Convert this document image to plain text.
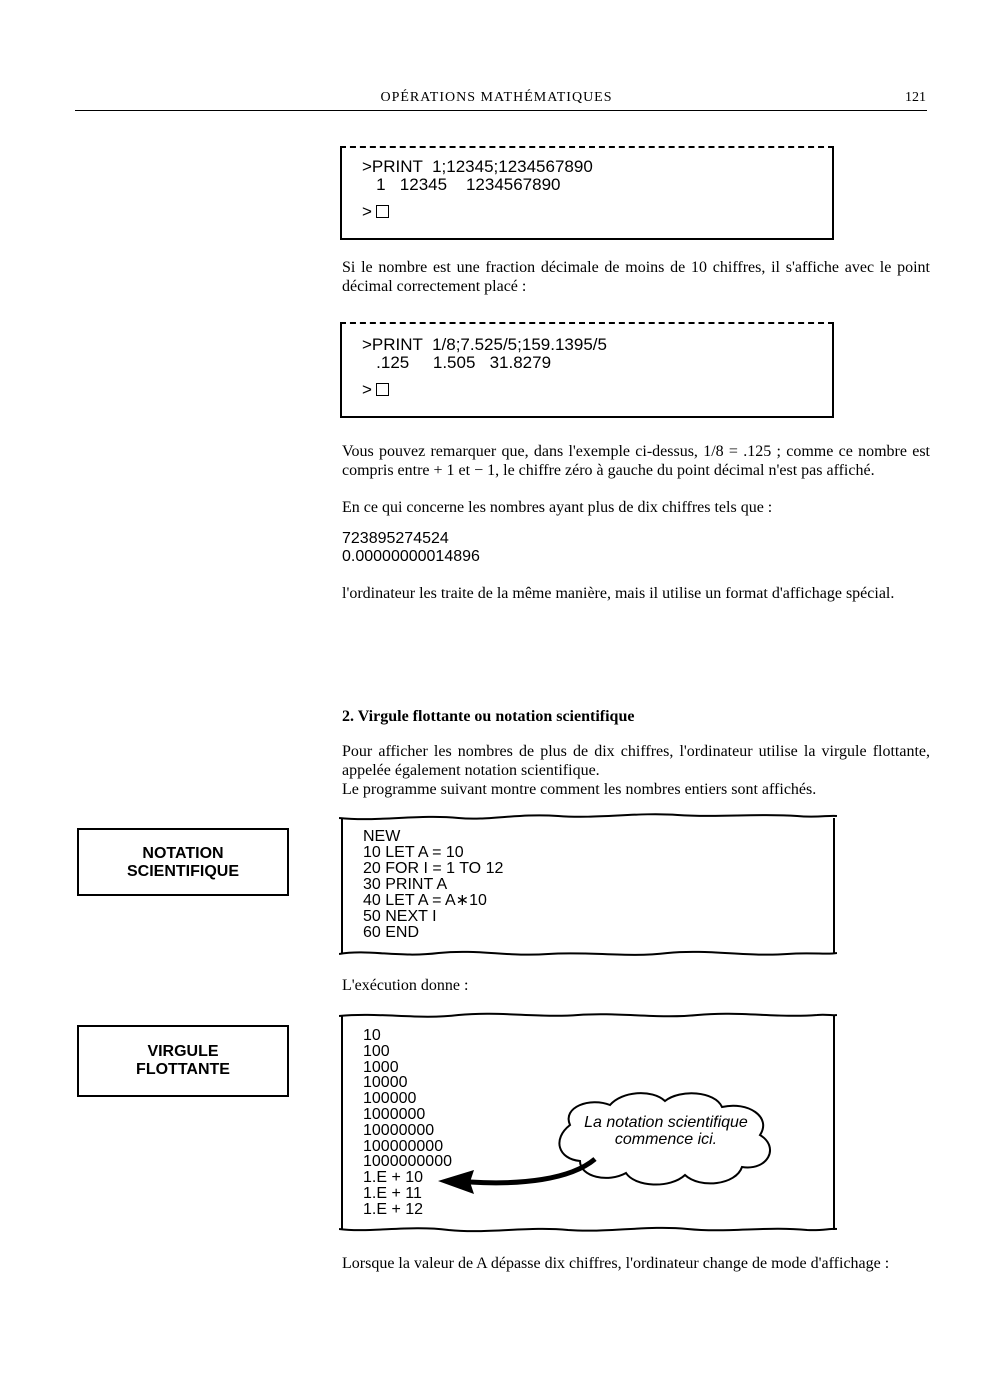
OPÉRATIONS MATHÉMATIQUES	121
>PRINT  1;12345;1234567890
1   12345    1234567890
>
Si le nombre est une fraction décimale de moins de 10 chiffres, il s'affiche avec le point décimal correctement placé :
>PRINT  1/8;7.525/5;159.1395/5
.125     1.505   31.8279
>
Vous pouvez remarquer que, dans l'exemple ci-dessus, 1/8 = .125 ; comme ce nombre est compris entre + 1 et − 1, le chiffre zéro à gauche du point décimal n'est pas affiché.
En ce qui concerne les nombres ayant plus de dix chiffres tels que :
723895274524
0.00000000014896
l'ordinateur les traite de la même manière, mais il utilise un format d'affichage spécial.
2. Virgule flottante ou notation scientifique
Pour afficher les nombres de plus de dix chiffres, l'ordinateur utilise la virgule flottante, appelée également notation scientifique.
Le programme suivant montre comment les nombres entiers sont affichés.
NOTATION
SCIENTIFIQUE
NEW
10 LET A = 10
20 FOR I = 1 TO 12
30 PRINT A
40 LET A = A∗10
50 NEXT I
60 END
L'exécution donne :
VIRGULE
FLOTTANTE
10
100
1000
10000
100000
1000000
10000000
100000000
1000000000
1.E + 10
1.E + 11
1.E + 12
La notation scientifique
commence ici.
Lorsque la valeur de A dépasse dix chiffres, l'ordinateur change de mode d'affichage :
